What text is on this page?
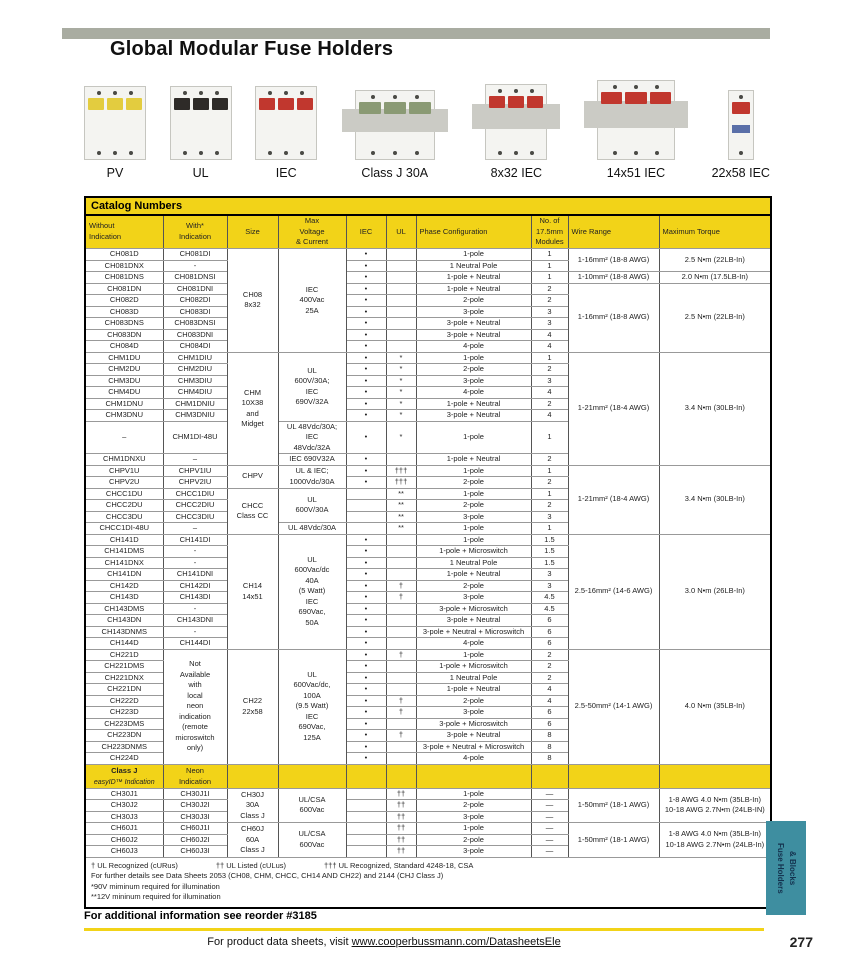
Global Modular Fuse Holders
PV	UL	IEC	Class J 30A	8x32 IEC	14x51 IEC	22x58 IEC
Catalog Numbers									
Without
Indication	With*
Indication	Size	Max
Voltage
& Current	IEC	UL	Phase Configuration	No. of
17.5mm
Modules	Wire Range	Maximum Torque
CH081D	CH081DI	CH08
8x32	IEC
400Vac
25A	•		1-pole	1	1-16mm² (18-8 AWG)	2.5 N•m (22LB-In)
CH081DNX	-			•		1 Neutral Pole	1		
CH081DNS	CH081DNSI			•		1-pole + Neutral	1	1-10mm² (18-8 AWG)	2.0 N•m (17.5LB-In)
CH081DN	CH081DNI			•		1-pole + Neutral	2	1-16mm² (18-8 AWG)	2.5 N•m (22LB-In)
CH082D	CH082DI			•		2-pole	2		
CH083D	CH083DI			•		3-pole	3		
CH083DNS	CH083DNSI			•		3-pole + Neutral	3		
CH083DN	CH083DNI			•		3-pole + Neutral	4		
CH084D	CH084DI			•		4-pole	4		
CHM1DU	CHM1DIU	CHM
10X38
and
Midget	UL
600V/30A;
IEC
690V/32A	•	*	1-pole	1	1-21mm² (18-4 AWG)	3.4 N•m (30LB-In)
CHM2DU	CHM2DIU			•	*	2-pole	2		
CHM3DU	CHM3DIU			•	*	3-pole	3		
CHM4DU	CHM4DIU			•	*	4-pole	4		
CHM1DNU	CHM1DNIU			•	*	1-pole + Neutral	2		
CHM3DNU	CHM3DNIU			•	*	3-pole + Neutral	4		
–	CHM1DI-48U		UL 48Vdc/30A;
IEC
48Vdc/32A	•	*	1-pole	1		
CHM1DNXU	–		IEC 690V32A	•		1-pole + Neutral	2		
CHPV1U	CHPV1IU	CHPV	UL & IEC;
1000Vdc/30A	•	†††	1-pole	1	1-21mm² (18-4 AWG)	3.4 N•m (30LB-In)
CHPV2U	CHPV2IU			•	†††	2-pole	2		
CHCC1DU	CHCC1DIU	CHCC
Class CC	UL
600V/30A		**	1-pole	1		
CHCC2DU	CHCC2DIU				**	2-pole	2		
CHCC3DU	CHCC3DIU				**	3-pole	3		
CHCC1DI-48U	–		UL 48Vdc/30A		**	1-pole	1		
CH141D	CH141DI	CH14
14x51	UL
600Vac/dc
40A
(5 Watt)
IEC
690Vac,
50A	•		1-pole	1.5	2.5-16mm² (14-6 AWG)	3.0 N•m (26LB-In)
CH141DMS	-			•		1-pole + Microswitch	1.5		
CH141DNX	-			•		1 Neutral Pole	1.5		
CH141DN	CH141DNI			•		1-pole + Neutral	3		
CH142D	CH142DI			•	†	2-pole	3		
CH143D	CH143DI			•	†	3-pole	4.5		
CH143DMS	-			•		3-pole + Microswitch	4.5		
CH143DN	CH143DNI			•		3-pole + Neutral	6		
CH143DNMS	-			•		3-pole + Neutral + Microswitch	6		
CH144D	CH144DI			•		4-pole	6		
CH221D	Not
Available
with
local
neon
indication
(remote
microswitch
only)	CH22
22x58	UL
600Vac/dc,
100A
(9.5 Watt)
IEC
690Vac,
125A	•	†	1-pole	2	2.5-50mm² (14-1 AWG)	4.0 N•m (35LB-In)
CH221DMS				•		1-pole + Microswitch	2		
CH221DNX				•		1 Neutral Pole	2		
CH221DN				•		1-pole + Neutral	4		
CH222D				•	†	2-pole	4		
CH223D				•	†	3-pole	6		
CH223DMS				•		3-pole + Microswitch	6		
CH223DN				•	†	3-pole + Neutral	8		
CH223DNMS				•		3-pole + Neutral + Microswitch	8		
CH224D				•		4-pole	8		
Class J
easyID™ Indication	Neon
Indication								
CH30J1	CH30J1I	CH30J
30A
Class J	UL/CSA
600Vac		††	1-pole	—	1-50mm² (18-1 AWG)	1-8 AWG 4.0 N•m (35LB-In)
10-18 AWG 2.7N•m (24LB-IN)
CH30J2	CH30J2I				††	2-pole	—		
CH30J3	CH30J3I				††	3-pole	—		
CH60J1	CH60J1I	CH60J
60A
Class J	UL/CSA
600Vac		††	1-pole	—	1-50mm² (18-1 AWG)	1-8 AWG 4.0 N•m (35LB-In)
10-18 AWG 2.7N•m (24LB-In)
CH60J2	CH60J2I				††	2-pole	—		
CH60J3	CH60J3I				††	3-pole	—		

† UL Recognized (cURus) †† UL Listed (cULus) ††† UL Recognized, Standard 4248-18, CSA
For further details see Data Sheets 2053 (CH08, CHM, CHCC, CH14 AND CH22) and 2144 (CHJ Class J)
*90V miminum required for illumination
**12V mininum required for illumination									
For additional information see reorder #3185
For product data sheets, visit www.cooperbussmann.com/DatasheetsEle	277
Fuse Holders & Blocks
